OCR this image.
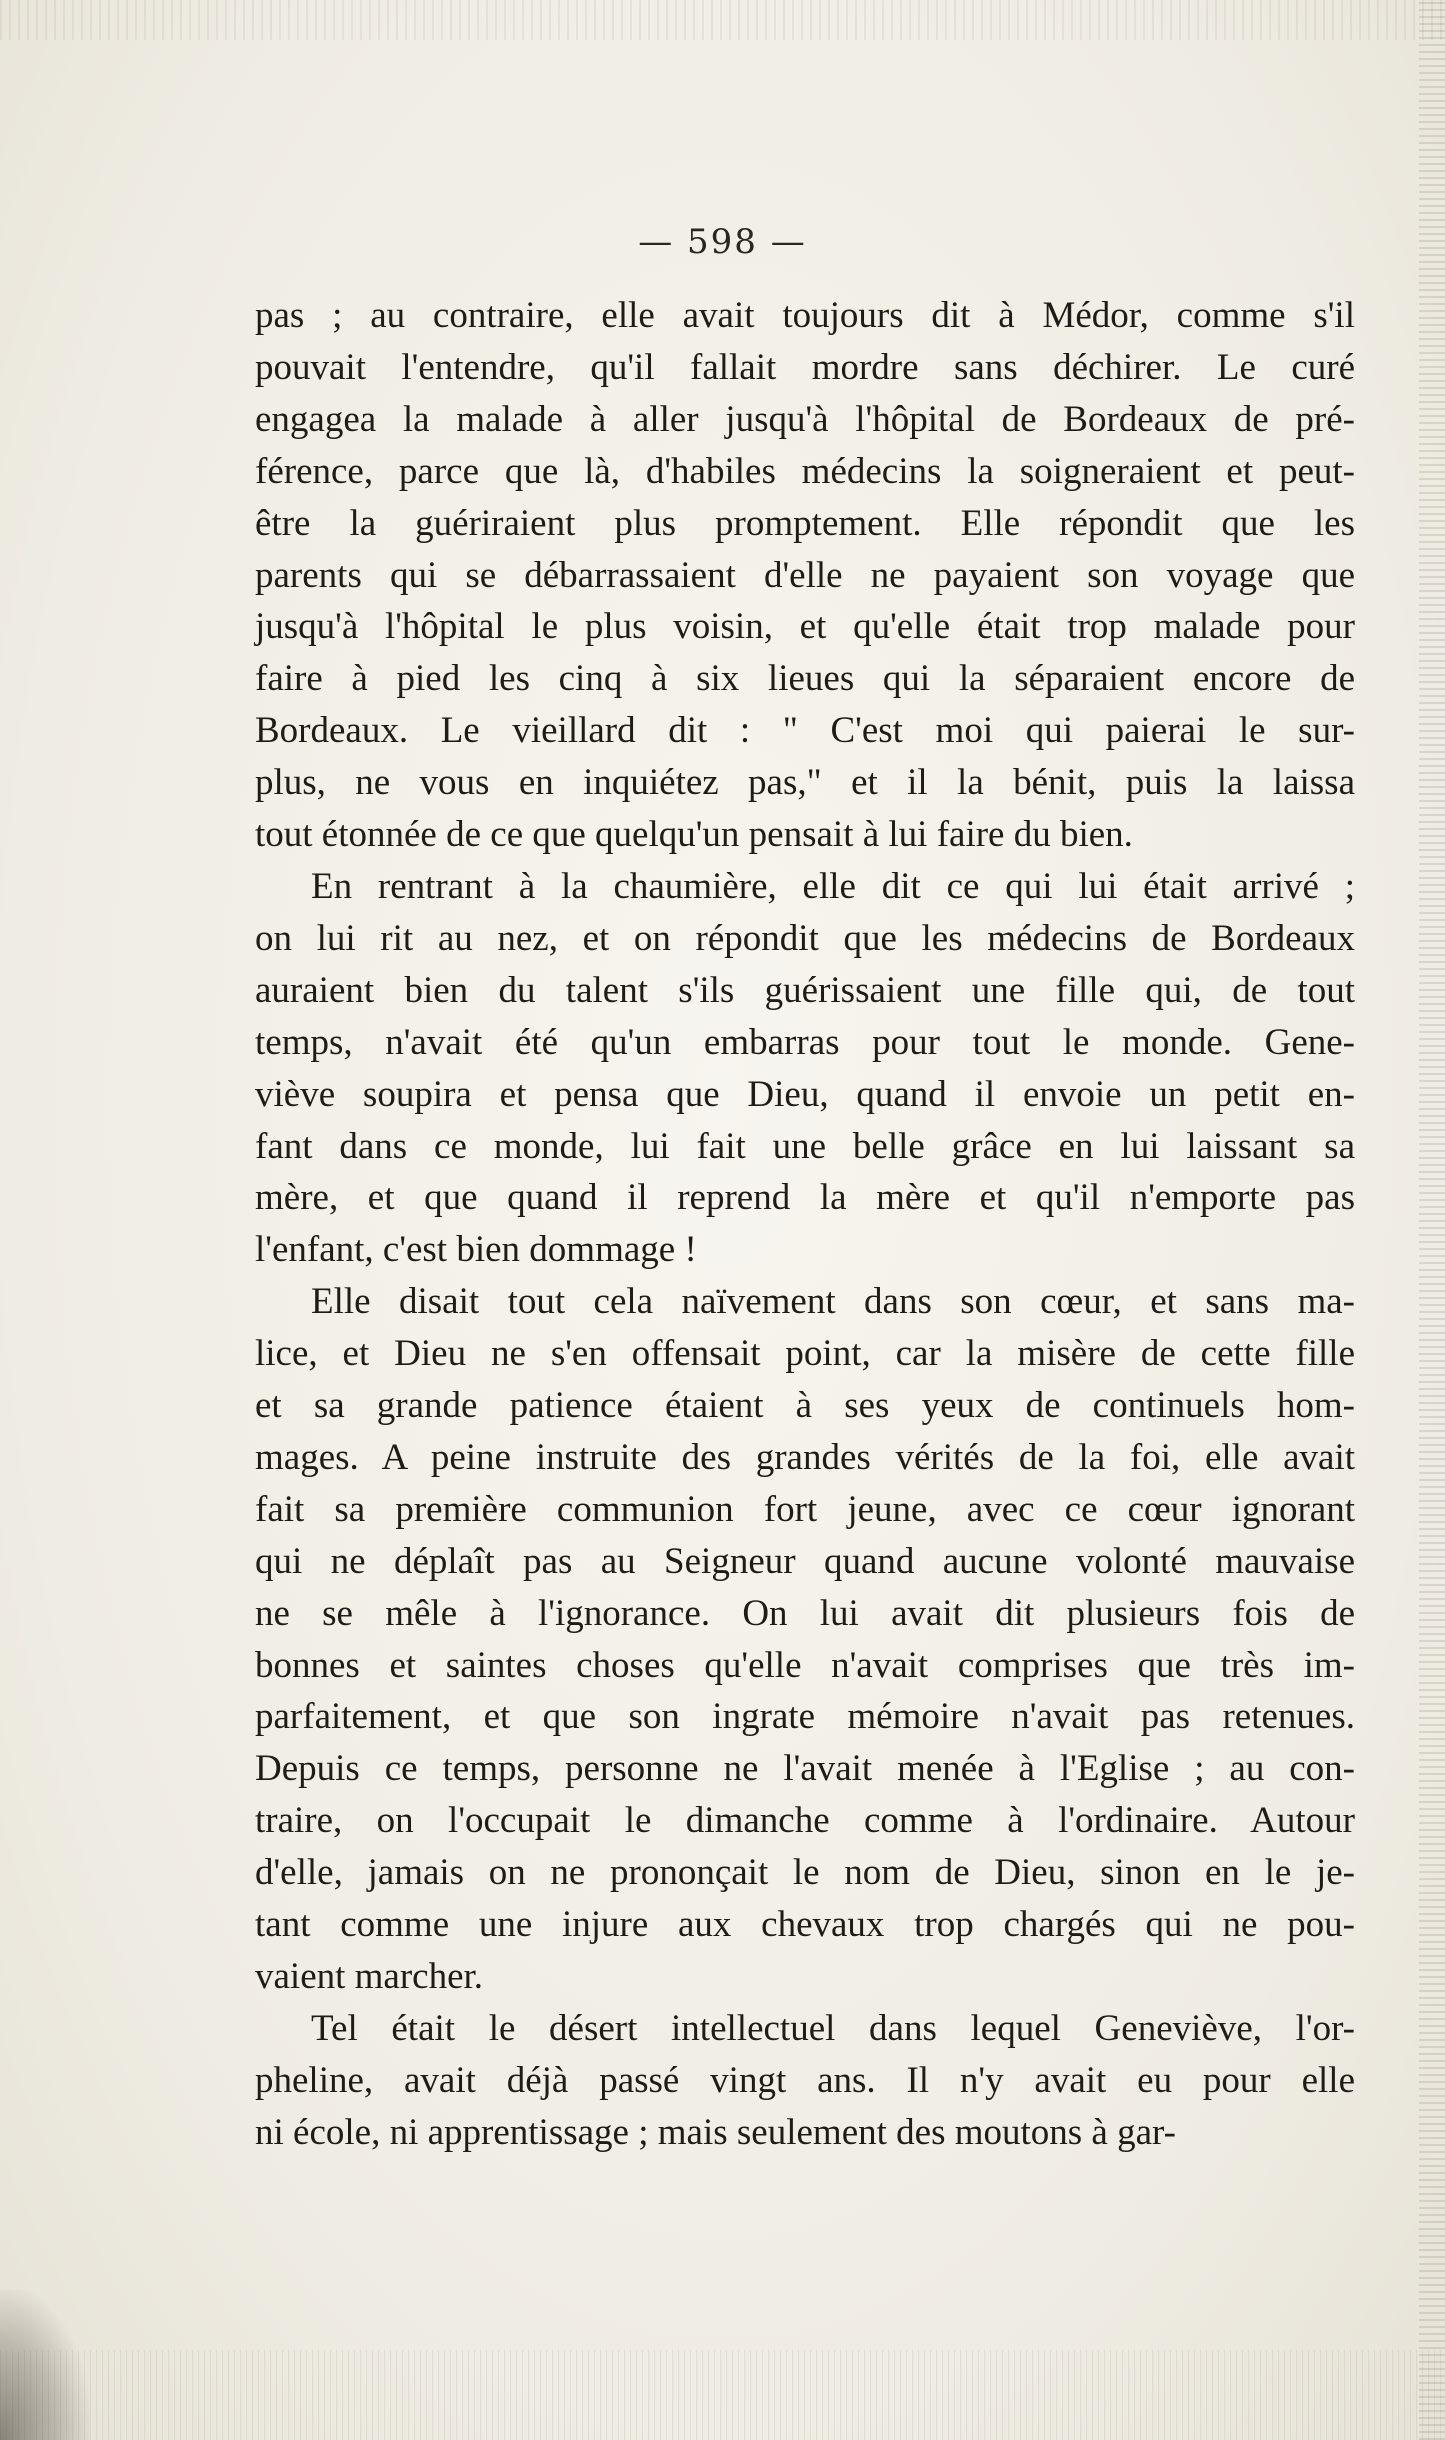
— 598 —
pas ; au contraire, elle avait toujours dit à Médor, comme s'il
pouvait l'entendre, qu'il fallait mordre sans déchirer. Le curé
engagea la malade à aller jusqu'à l'hôpital de Bordeaux de pré-
férence, parce que là, d'habiles médecins la soigneraient et peut-
être la guériraient plus promptement. Elle répondit que les
parents qui se débarrassaient d'elle ne payaient son voyage que
jusqu'à l'hôpital le plus voisin, et qu'elle était trop malade pour
faire à pied les cinq à six lieues qui la séparaient encore de
Bordeaux. Le vieillard dit : " C'est moi qui paierai le sur-
plus, ne vous en inquiétez pas," et il la bénit, puis la laissa
tout étonnée de ce que quelqu'un pensait à lui faire du bien.
En rentrant à la chaumière, elle dit ce qui lui était arrivé ;
on lui rit au nez, et on répondit que les médecins de Bordeaux
auraient bien du talent s'ils guérissaient une fille qui, de tout
temps, n'avait été qu'un embarras pour tout le monde. Gene-
viève soupira et pensa que Dieu, quand il envoie un petit en-
fant dans ce monde, lui fait une belle grâce en lui laissant sa
mère, et que quand il reprend la mère et qu'il n'emporte pas
l'enfant, c'est bien dommage !
Elle disait tout cela naïvement dans son cœur, et sans ma-
lice, et Dieu ne s'en offensait point, car la misère de cette fille
et sa grande patience étaient à ses yeux de continuels hom-
mages. A peine instruite des grandes vérités de la foi, elle avait
fait sa première communion fort jeune, avec ce cœur ignorant
qui ne déplaît pas au Seigneur quand aucune volonté mauvaise
ne se mêle à l'ignorance. On lui avait dit plusieurs fois de
bonnes et saintes choses qu'elle n'avait comprises que très im-
parfaitement, et que son ingrate mémoire n'avait pas retenues.
Depuis ce temps, personne ne l'avait menée à l'Eglise ; au con-
traire, on l'occupait le dimanche comme à l'ordinaire. Autour
d'elle, jamais on ne prononçait le nom de Dieu, sinon en le je-
tant comme une injure aux chevaux trop chargés qui ne pou-
vaient marcher.
Tel était le désert intellectuel dans lequel Geneviève, l'or-
pheline, avait déjà passé vingt ans. Il n'y avait eu pour elle
ni école, ni apprentissage ; mais seulement des moutons à gar-
